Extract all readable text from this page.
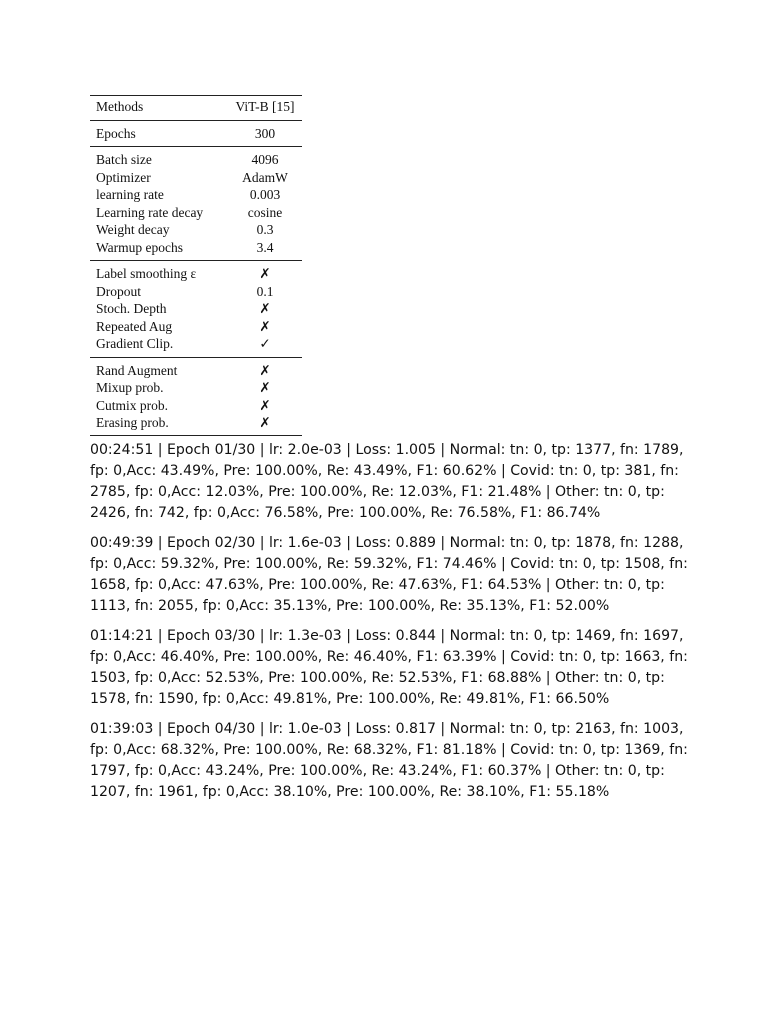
Methods	ViT-B [15]
Epochs	300
Batch size	4096
Optimizer	AdamW
learning rate	0.003
Learning rate decay	cosine
Weight decay	0.3
Warmup epochs	3.4
Label smoothing ε	✗
Dropout	0.1
Stoch. Depth	✗
Repeated Aug	✗
Gradient Clip.	✓
Rand Augment	✗
Mixup prob.	✗
Cutmix prob.	✗
Erasing prob.	✗

00:24:51 | Epoch 01/30 | lr: 2.0e-03 | Loss: 1.005 | Normal: tn: 0, tp: 1377, fn: 1789, fp: 0,Acc: 43.49%, Pre: 100.00%, Re: 43.49%, F1: 60.62% | Covid: tn: 0, tp: 381, fn: 2785, fp: 0,Acc: 12.03%, Pre: 100.00%, Re: 12.03%, F1: 21.48% | Other: tn: 0, tp: 2426, fn: 742, fp: 0,Acc: 76.58%, Pre: 100.00%, Re: 76.58%, F1: 86.74%

00:49:39 | Epoch 02/30 | lr: 1.6e-03 | Loss: 0.889 | Normal: tn: 0, tp: 1878, fn: 1288, fp: 0,Acc: 59.32%, Pre: 100.00%, Re: 59.32%, F1: 74.46% | Covid: tn: 0, tp: 1508, fn: 1658, fp: 0,Acc: 47.63%, Pre: 100.00%, Re: 47.63%, F1: 64.53% | Other: tn: 0, tp: 1113, fn: 2055, fp: 0,Acc: 35.13%, Pre: 100.00%, Re: 35.13%, F1: 52.00%

01:14:21 | Epoch 03/30 | lr: 1.3e-03 | Loss: 0.844 | Normal: tn: 0, tp: 1469, fn: 1697, fp: 0,Acc: 46.40%, Pre: 100.00%, Re: 46.40%, F1: 63.39% | Covid: tn: 0, tp: 1663, fn: 1503, fp: 0,Acc: 52.53%, Pre: 100.00%, Re: 52.53%, F1: 68.88% | Other: tn: 0, tp: 1578, fn: 1590, fp: 0,Acc: 49.81%, Pre: 100.00%, Re: 49.81%, F1: 66.50%

01:39:03 | Epoch 04/30 | lr: 1.0e-03 | Loss: 0.817 | Normal: tn: 0, tp: 2163, fn: 1003, fp: 0,Acc: 68.32%, Pre: 100.00%, Re: 68.32%, F1: 81.18% | Covid: tn: 0, tp: 1369, fn: 1797, fp: 0,Acc: 43.24%, Pre: 100.00%, Re: 43.24%, F1: 60.37% | Other: tn: 0, tp: 1207, fn: 1961, fp: 0,Acc: 38.10%, Pre: 100.00%, Re: 38.10%, F1: 55.18%
